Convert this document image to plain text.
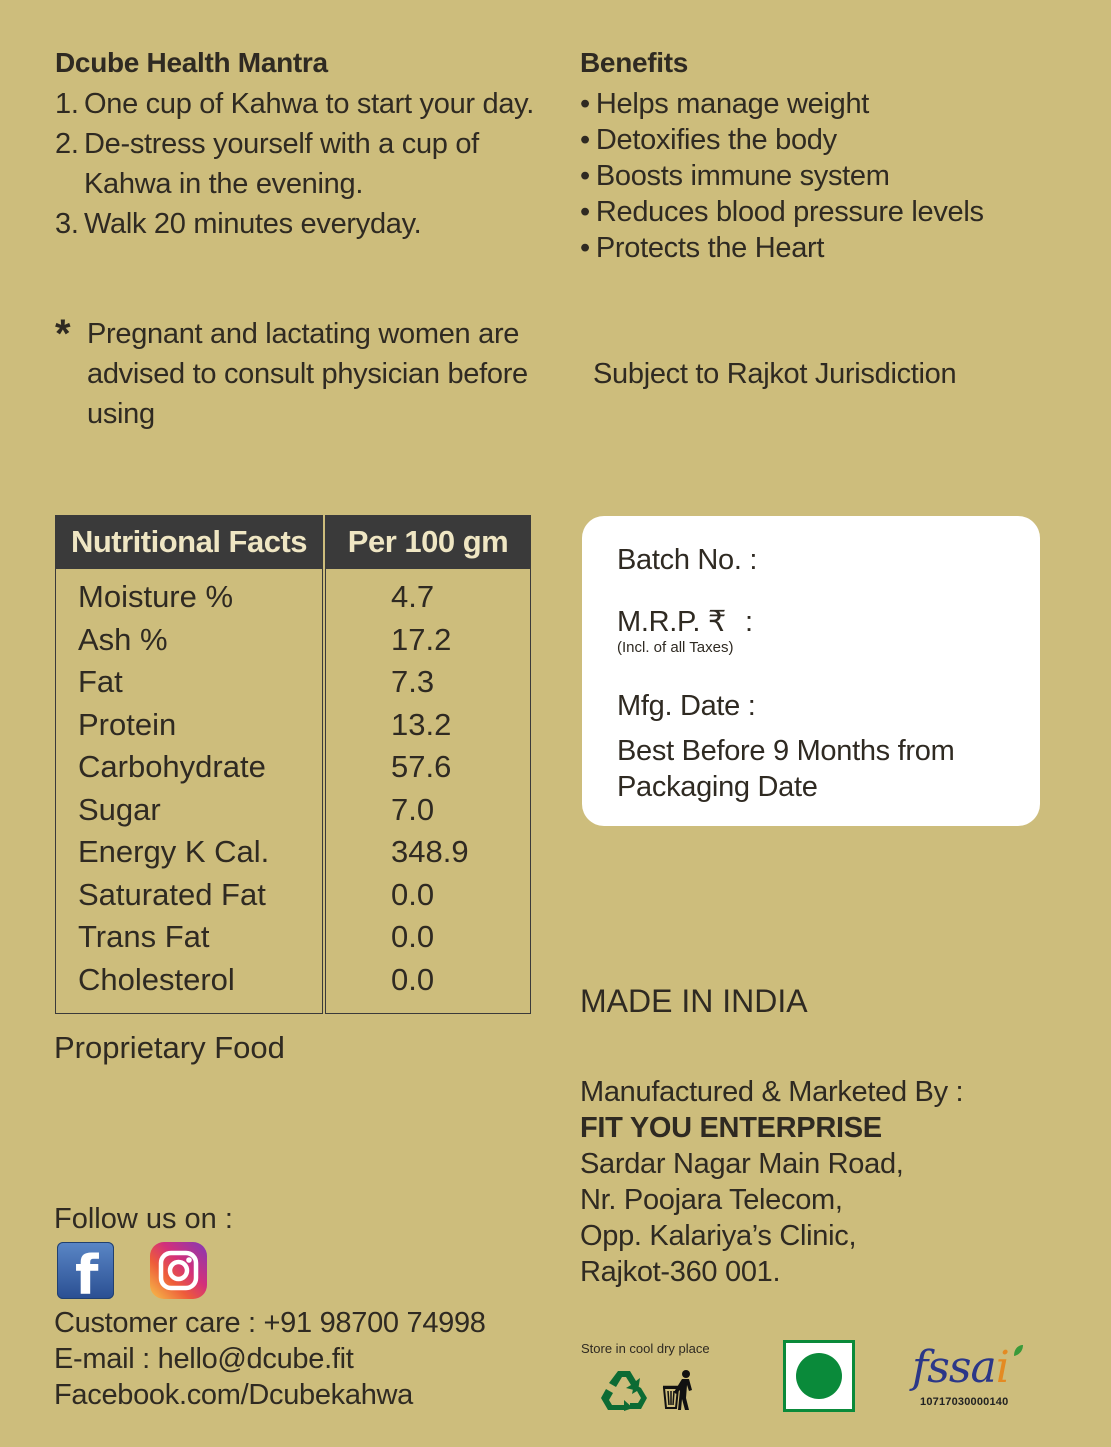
Dcube Health Mantra
1. One cup of Kahwa to start your day.
2. De-stress yourself with a cup of Kahwa in the evening.
3. Walk 20 minutes everyday.
Benefits
• Helps manage weight
• Detoxifies the body
• Boosts immune system
• Reduces blood pressure levels
• Protects the Heart
* Pregnant and lactating women are
advised to consult physician before using
Subject to Rajkot Jurisdiction
Nutritional Facts	Per 100 gm
Moisture %	4.7
Ash %	17.2
Fat	7.3
Protein	13.2
Carbohydrate	57.6
Sugar	7.0
Energy K Cal.	348.9
Saturated Fat	0.0
Trans Fat	0.0
Cholesterol	0.0
Proprietary Food
Batch No. :
M.R.P. ₹ :
(Incl. of all Taxes)
Mfg. Date :
Best Before 9 Months from
Packaging Date
MADE IN INDIA
Manufactured & Marketed By :
FIT YOU ENTERPRISE
Sardar Nagar Main Road,
Nr. Poojara Telecom,
Opp. Kalariya’s Clinic,
Rajkot-360 001.
Follow us on :
f
Customer care : +91 98700 74998
E-mail : hello@dcube.fit
Facebook.com/Dcubekahwa
Store in cool dry place	fssai
10717030000140
